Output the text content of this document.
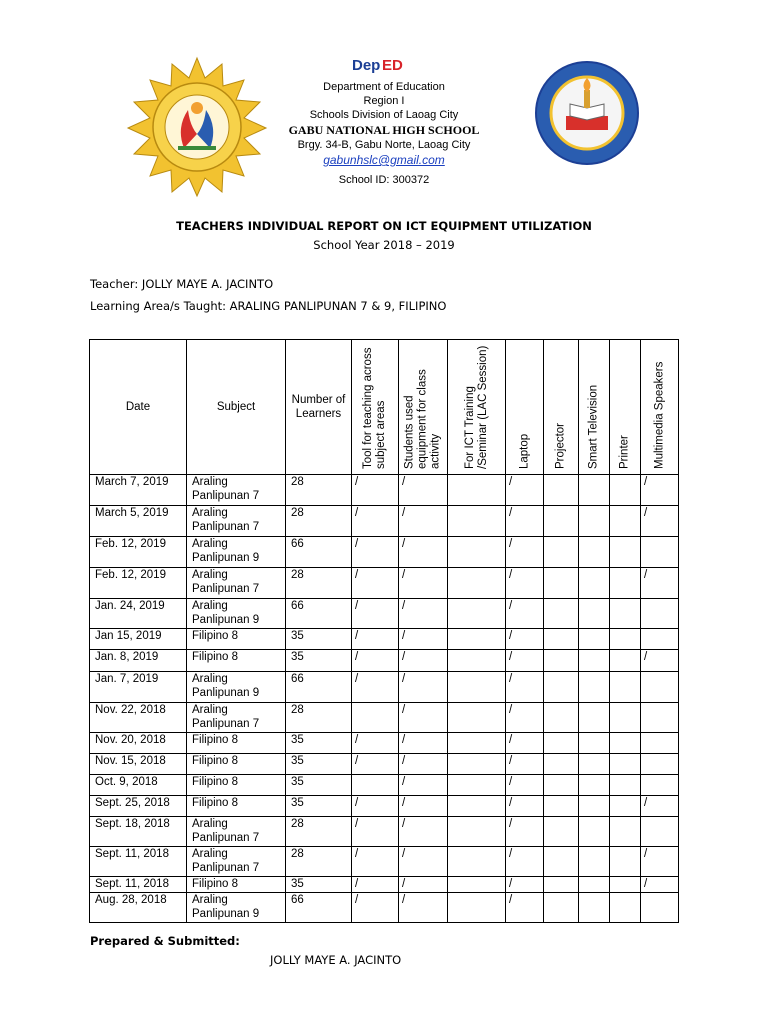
Dep ED
Department of Education
Region I
Schools Division of Laoag City
GABU NATIONAL HIGH SCHOOL
Brgy. 34-B, Gabu Norte, Laoag City
gabunhslc@gmail.com
School ID: 300372
TEACHERS INDIVIDUAL REPORT ON ICT EQUIPMENT UTILIZATION
School Year 2018 – 2019
Teacher: JOLLY MAYE A. JACINTO
Learning Area/s Taught: ARALING PANLIPUNAN 7 & 9, FILIPINO
Date	Subject	Number of Learners	Tool for teaching across subject areas	Students used equipment for class activity	For ICT Training /Seminar (LAC Session)	Laptop	Projector	Smart Television	Printer	Multimedia Speakers

March 7, 2019	Araling Panlipunan 7	28	/	/		/				/
March 5, 2019	Araling Panlipunan 7	28	/	/		/				/
Feb. 12, 2019	Araling Panlipunan 9	66	/	/		/				
Feb. 12, 2019	Araling Panlipunan 7	28	/	/		/				/
Jan. 24, 2019	Araling Panlipunan 9	66	/	/		/				
Jan 15, 2019	Filipino 8	35	/	/		/				
Jan. 8, 2019	Filipino 8	35	/	/		/				/
Jan. 7, 2019	Araling Panlipunan 9	66	/	/		/				
Nov. 22, 2018	Araling Panlipunan 7	28		/		/				
Nov. 20, 2018	Filipino 8	35	/	/		/				
Nov. 15, 2018	Filipino 8	35	/	/		/				
Oct. 9, 2018	Filipino 8	35		/		/				
Sept. 25, 2018	Filipino 8	35	/	/		/				/
Sept. 18, 2018	Araling Panlipunan 7	28	/	/		/				
Sept. 11, 2018	Araling Panlipunan 7	28	/	/		/				/
Sept. 11, 2018	Filipino 8	35	/	/		/				/
Aug. 28, 2018	Araling Panlipunan 9	66	/	/		/				
Prepared & Submitted:
JOLLY MAYE A. JACINTO
